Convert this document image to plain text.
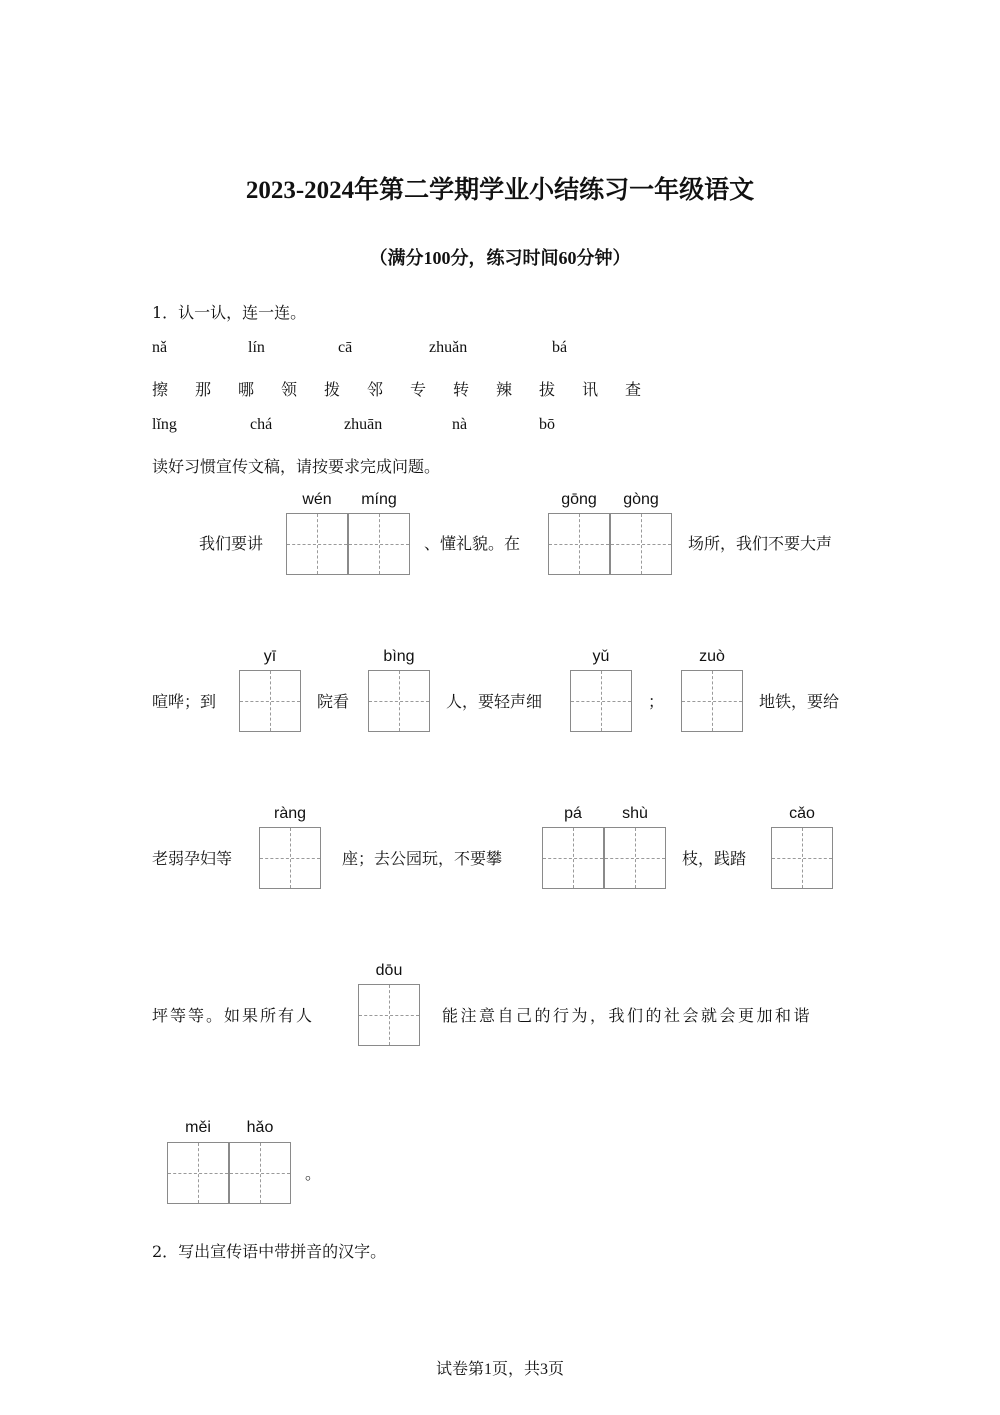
2023-2024年第二学期学业小结练习一年级语文
（满分100分，练习时间60分钟）
1．认一认，连一连。
nǎ	lín	cā	zhuǎn	bá
擦 那 哪 领 拨 邻 专 转 辣 拔 讯 查
lǐng	chá	zhuān	nà	bō
读好习惯宣传文稿，请按要求完成问题。
我们要讲
wén	míng
、懂礼貌。在
gōng	gòng
场所，我们不要大声
喧哗；到
yī
院看
bìng
人，要轻声细
yǔ
；
zuò
地铁，要给
老弱孕妇等
ràng
座；去公园玩，不要攀
pá	shù
枝，践踏
cǎo
坪等等。如果所有人
dōu
能注意自己的行为，我们的社会就会更加和谐
měi	hǎo
。
2．写出宣传语中带拼音的汉字。
试卷第1页，共3页
